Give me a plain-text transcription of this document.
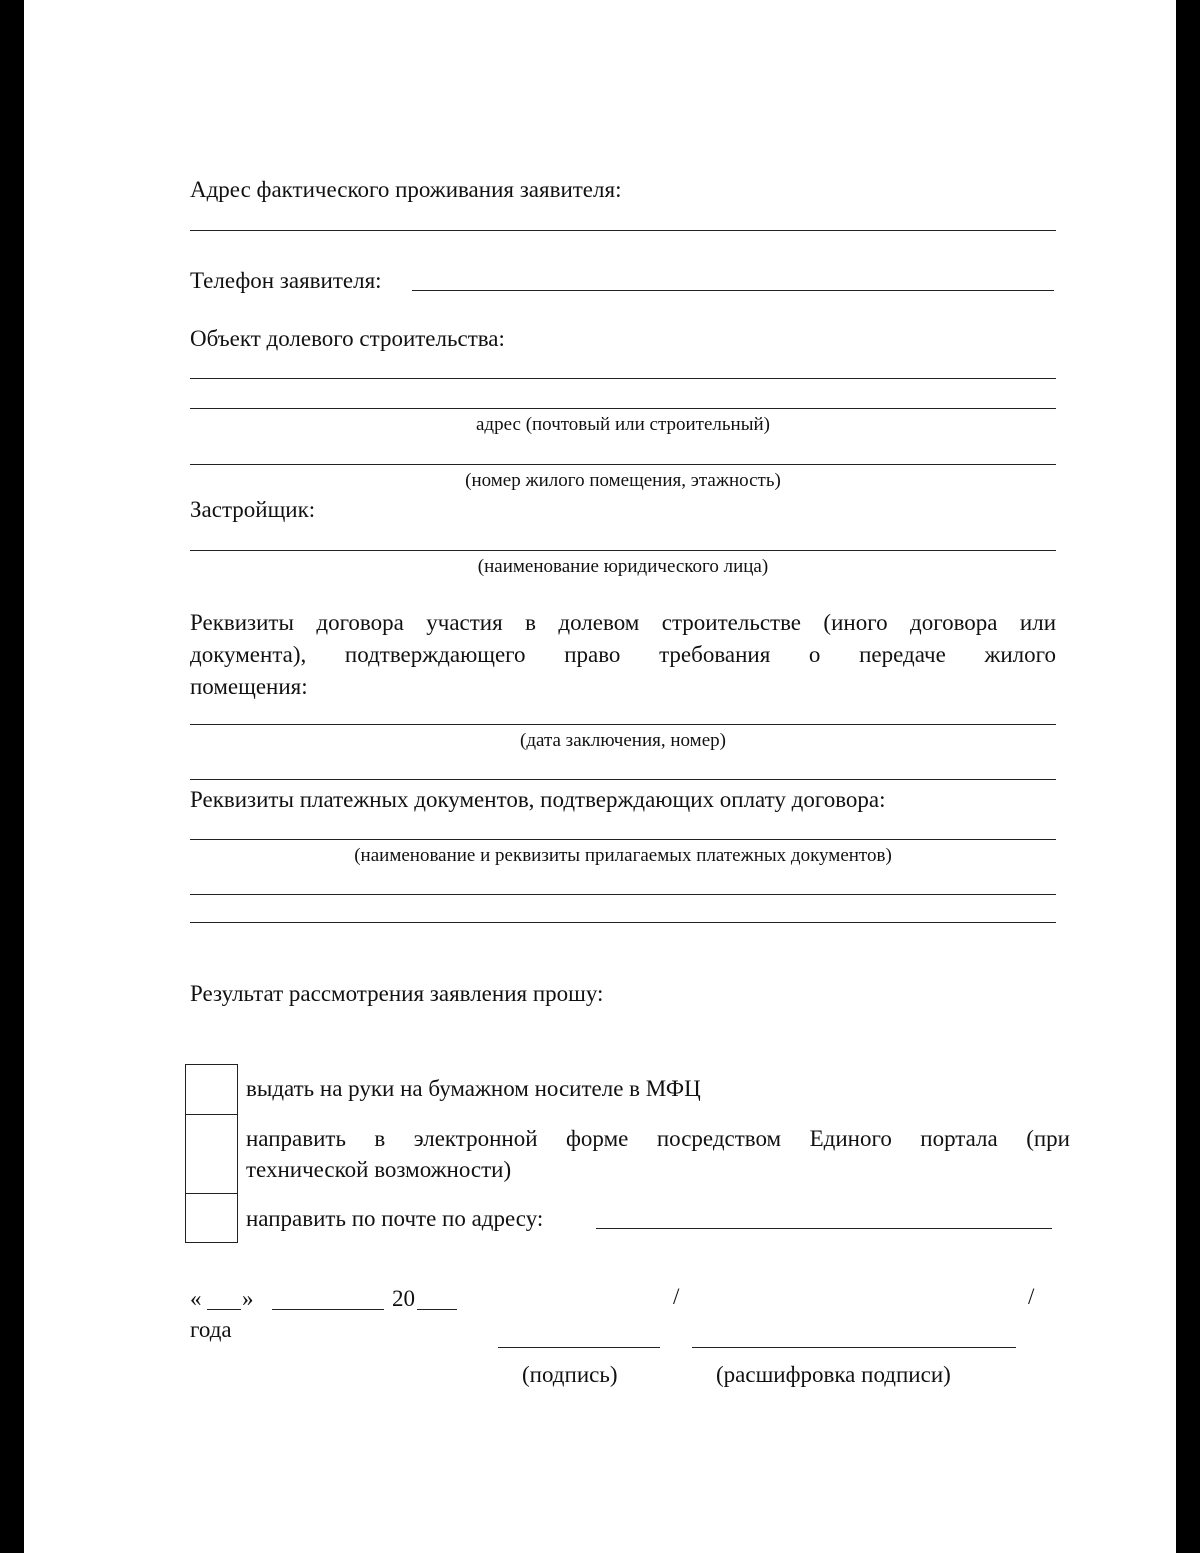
Адрес фактического проживания заявителя:
Телефон заявителя:
Объект долевого строительства:
адрес (почтовый или строительный)
(номер жилого помещения, этажность)
Застройщик:
(наименование юридического лица)
Реквизиты договора участия в долевом строительстве (иного договора или
документа), подтверждающего право требования о передаче жилого
помещения:
(дата заключения, номер)
Реквизиты платежных документов, подтверждающих оплату договора:
(наименование и реквизиты прилагаемых платежных документов)
Результат рассмотрения заявления прошу:
выдать на руки на бумажном носителе в МФЦ
направить в электронной форме посредством Единого портала (при
технической возможности)
направить по почте по адресу:
« »	20
года
/	/
(подпись)	(расшифровка подписи)
